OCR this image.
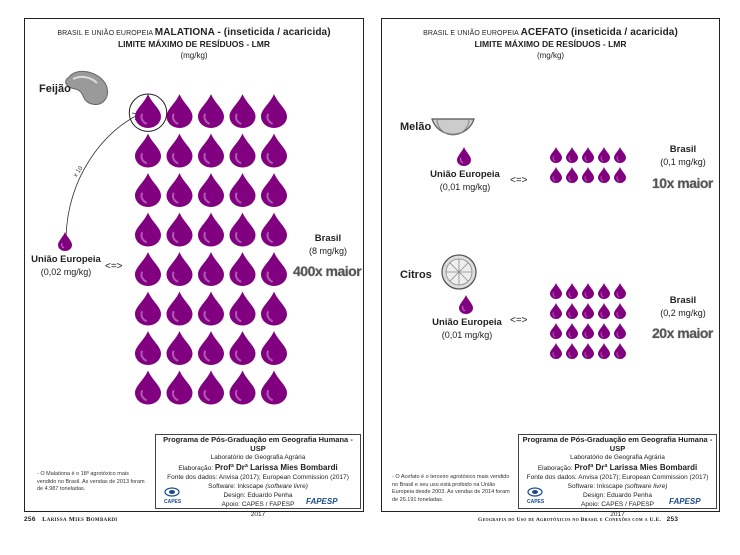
BRASIL E UNIÃO EUROPEIA MALATIONA - (inseticida / acaricida)
LIMITE MÁXIMO DE RESÍDUOS - LMR
(mg/kg)
Feijão
x 10
União Europeia
(0,02 mg/kg)	<=>
Brasil
(8 mg/kg)
400x maior
- O Malationa é o 18º agrotóxico mais vendido no Brasil. As vendas de 2013 foram de 4.987 toneladas.
Programa de Pós-Graduação em Geografia Humana - USP
Laboratório de Geografia Agrária
Elaboração: Profª Drª Larissa Mies Bombardi
Fonte dos dados: Anvisa (2017); European Commission (2017)
Software: Inkscape (software livre)
Design: Eduardo Penha
Apoio: CAPES / FAPESP
2017
CAPES	FAPESP
BRASIL E UNIÃO EUROPEIA ACEFATO (inseticida / acaricida)
LIMITE MÁXIMO DE RESÍDUOS - LMR
(mg/kg)
Melão
União Europeia
(0,01 mg/kg)
<=>
Brasil
(0,1 mg/kg)
10x maior
Citros
União Europeia
(0,01 mg/kg)
<=>
Brasil
(0,2 mg/kg)
20x maior
- O Acefato é o terceiro agrotóxico mais vendido no Brasil e seu uso está proibido na União Europeia desde 2003. As vendas de 2014 foram de 26.191 toneladas.
Programa de Pós-Graduação em Geografia Humana - USP
Laboratório de Geografia Agrária
Elaboração: Profª Drª Larissa Mies Bombardi
Fonte dos dados: Anvisa (2017); European Commission (2017)
Software: Inkscape (software livre)
Design: Eduardo Penha
Apoio: CAPES / FAPESP
2017
CAPES	FAPESP
256 Larissa Mies Bombardi	Geografia do Uso de Agrotóxicos no Brasil e Conexões com a U.E. 253
